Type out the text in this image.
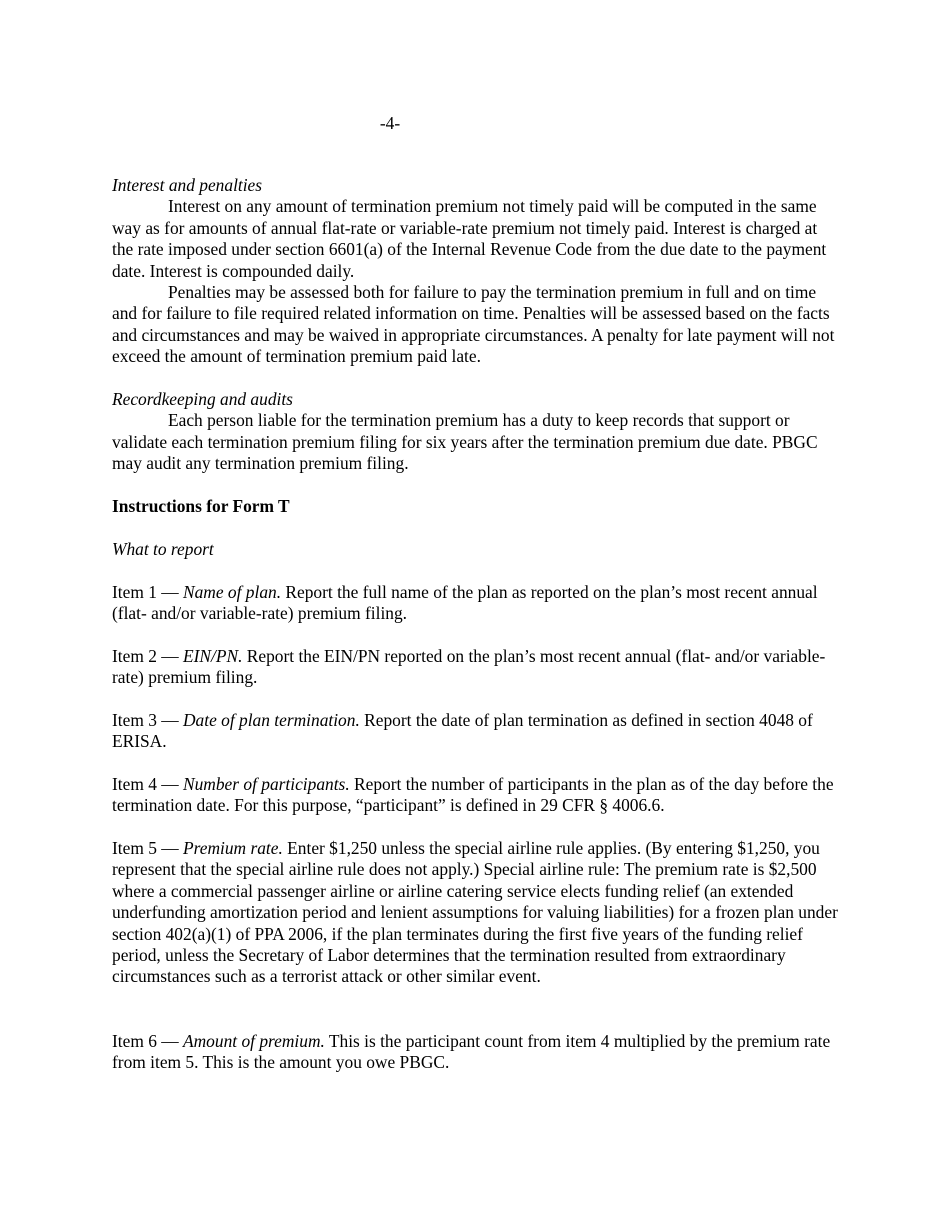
-4-
Interest and penalties

Interest on any amount of termination premium not timely paid will be computed in the same way as for amounts of annual flat-rate or variable-rate premium not timely paid. Interest is charged at the rate imposed under section 6601(a) of the Internal Revenue Code from the due date to the payment date. Interest is compounded daily.

Penalties may be assessed both for failure to pay the termination premium in full and on time and for failure to file required related information on time. Penalties will be assessed based on the facts and circumstances and may be waived in appropriate circumstances. A penalty for late payment will not exceed the amount of termination premium paid late.

Recordkeeping and audits

Each person liable for the termination premium has a duty to keep records that support or validate each termination premium filing for six years after the termination premium due date. PBGC may audit any termination premium filing.

Instructions for Form T
What to report

Item 1 — Name of plan. Report the full name of the plan as reported on the plan’s most recent annual (flat- and/or variable-rate) premium filing.

Item 2 — EIN/PN. Report the EIN/PN reported on the plan’s most recent annual (flat- and/or variable-rate) premium filing.

Item 3 — Date of plan termination. Report the date of plan termination as defined in section 4048 of ERISA.

Item 4 — Number of participants. Report the number of participants in the plan as of the day before the termination date. For this purpose, “participant” is defined in 29 CFR § 4006.6.

Item 5 — Premium rate. Enter $1,250 unless the special airline rule applies. (By entering $1,250, you represent that the special airline rule does not apply.) Special airline rule: The premium rate is $2,500 where a commercial passenger airline or airline catering service elects funding relief (an extended underfunding amortization period and lenient assumptions for valuing liabilities) for a frozen plan under section 402(a)(1) of PPA 2006, if the plan terminates during the first five years of the funding relief period, unless the Secretary of Labor determines that the termination resulted from extraordinary circumstances such as a terrorist attack or other similar event.

Item 6 — Amount of premium. This is the participant count from item 4 multiplied by the premium rate from item 5. This is the amount you owe PBGC.
